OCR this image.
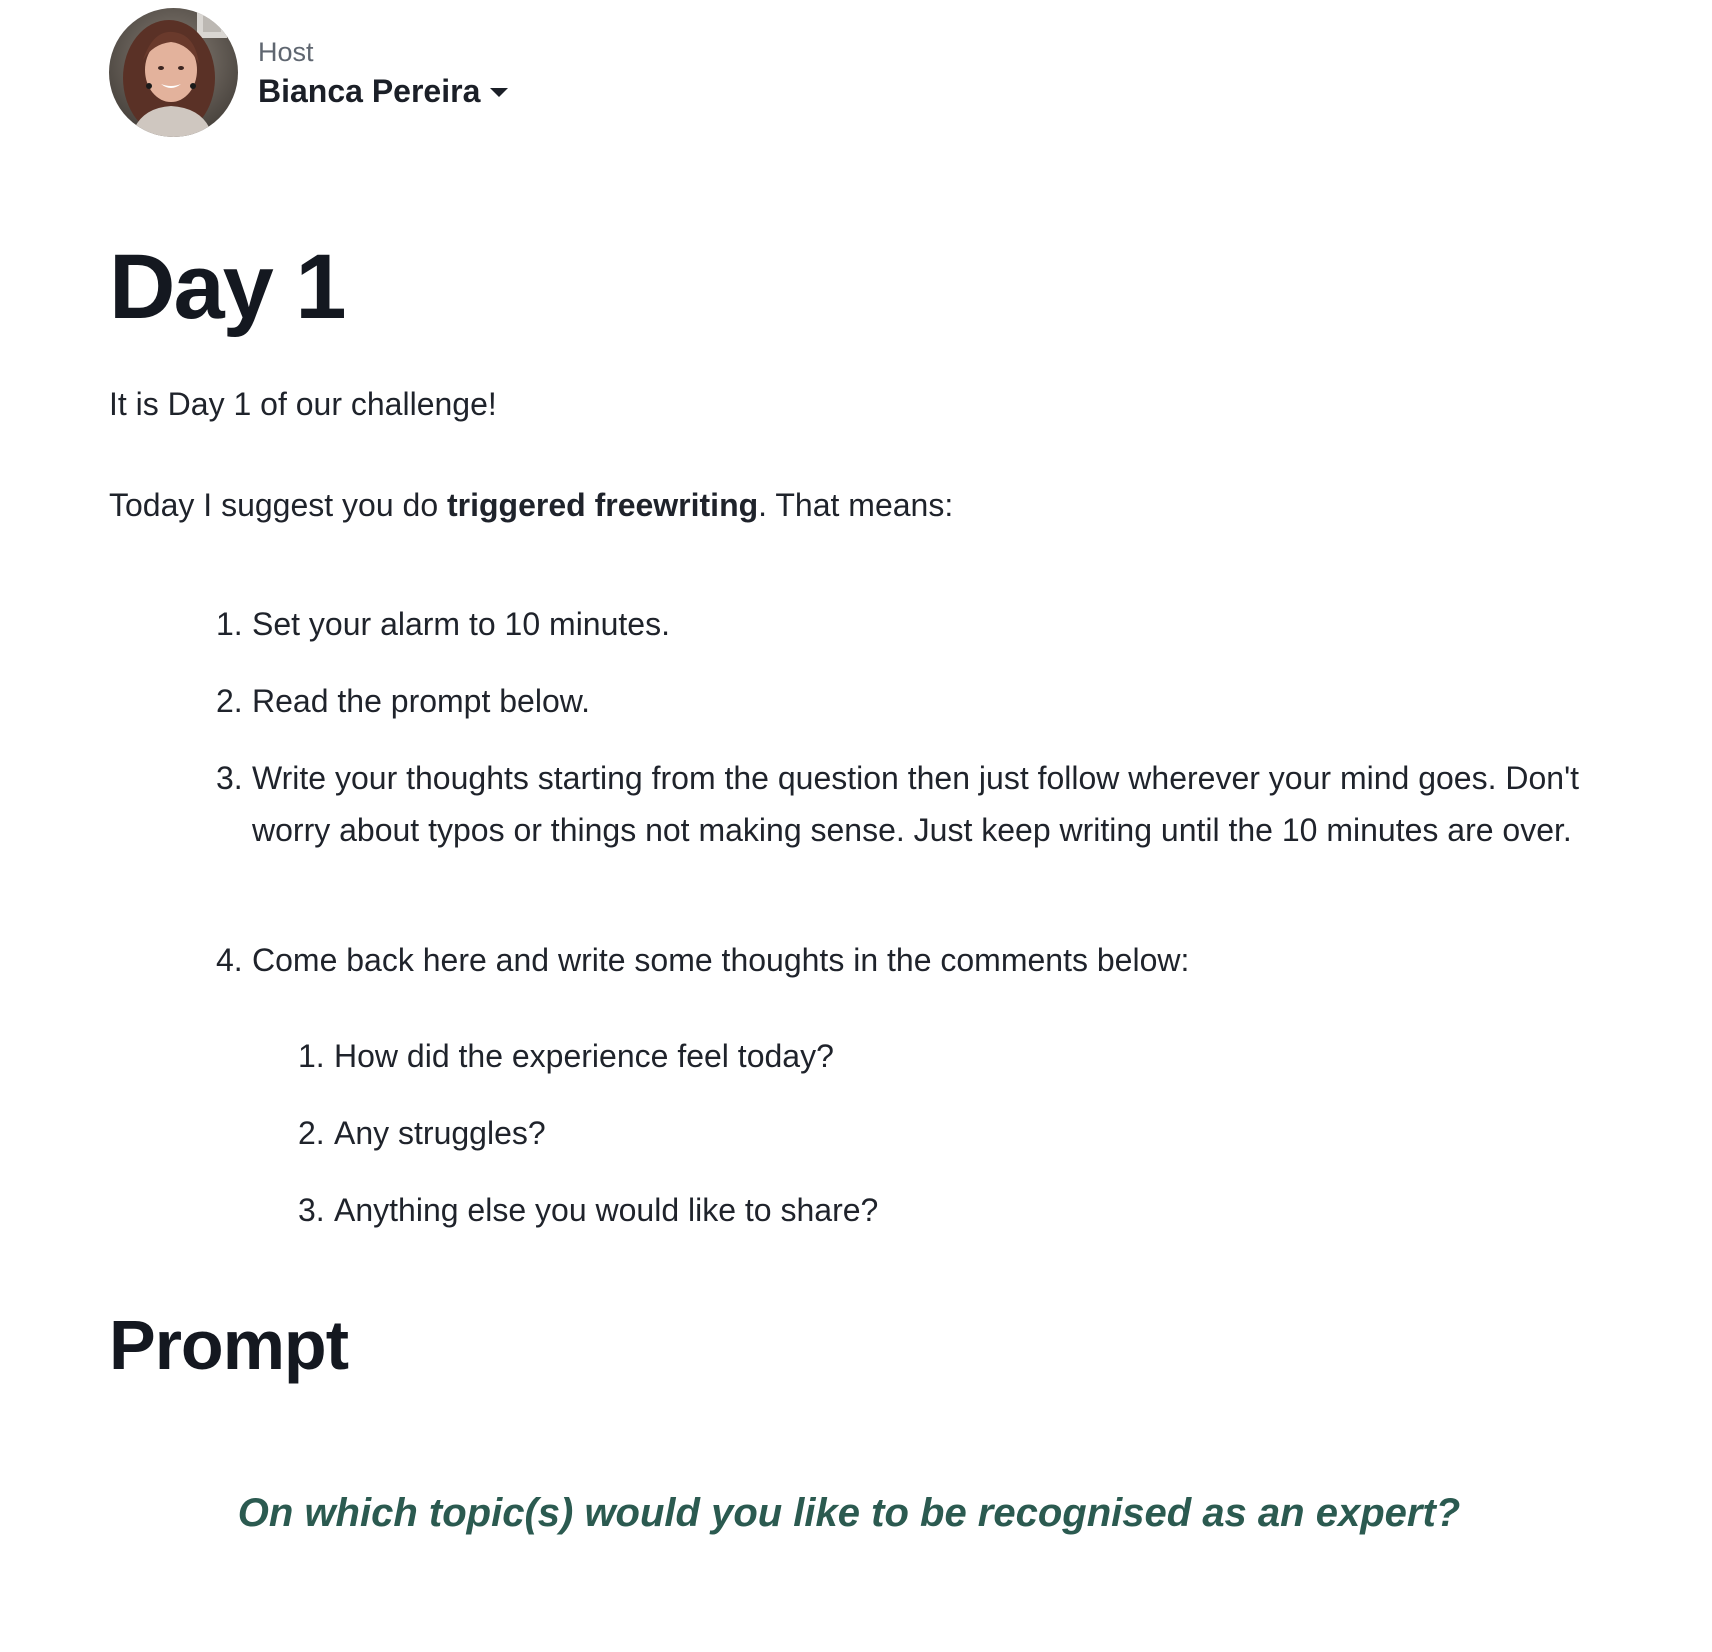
Host
Bianca Pereira
Day 1

It is Day 1 of our challenge!

Today I suggest you do triggered freewriting. That means:

1. Set your alarm to 10 minutes.
2. Read the prompt below.
3. Write your thoughts starting from the question then just follow wherever your mind goes. Don't worry about typos or things not making sense. Just keep writing until the 10 minutes are over.
4. Come back here and write some thoughts in the comments below:
1. How did the experience feel today?
2. Any struggles?
3. Anything else you would like to share?
Prompt

On which topic(s) would you like to be recognised as an expert?
